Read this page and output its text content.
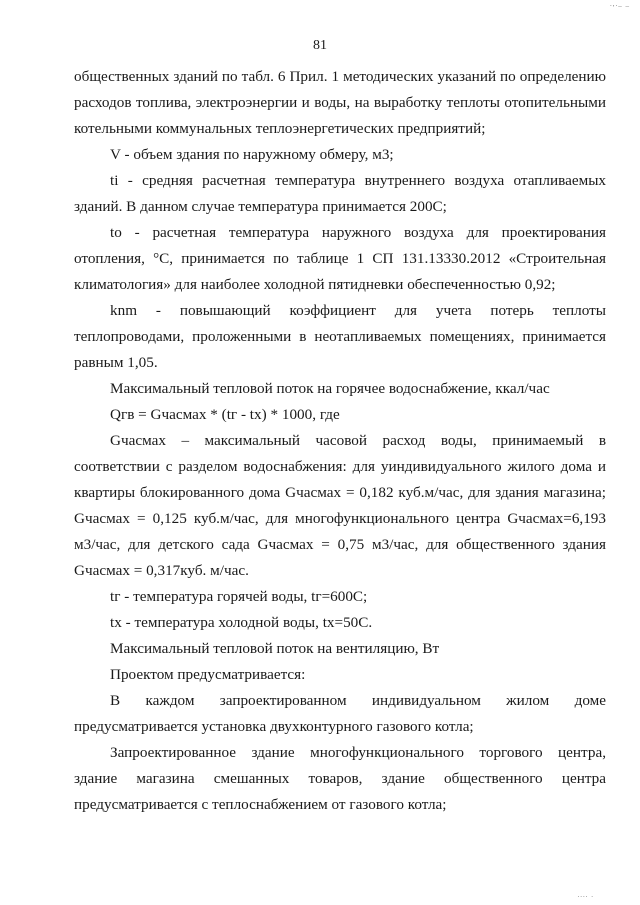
.,._ _
81

общественных зданий по табл. 6 Прил. 1 методических указаний по определению расходов топлива, электроэнергии и воды, на выработку теплоты отопительными котельными коммунальных теплоэнергетических предприятий;

V - объем здания по наружному обмеру, м3;

ti - средняя расчетная температура внутреннего воздуха отапливаемых зданий. В данном случае температура принимается 200С;

to - расчетная температура наружного воздуха для проектирования отопления, °С, принимается по таблице 1 СП 131.13330.2012 «Строительная климатология» для наиболее холодной пятидневки обеспеченностью 0,92;

knm - повышающий коэффициент для учета потерь теплоты теплопроводами, проложенными в неотапливаемых помещениях, принимается равным 1,05.

Максимальный тепловой поток на горячее водоснабжение, ккал/час

Qгв = Gчасмах * (tг - tх) * 1000, где

Gчасмах – максимальный часовой расход воды, принимаемый в соответствии с разделом водоснабжения: для уиндивидуального жилого дома и квартиры блокированного дома Gчасмах = 0,182 куб.м/час, для здания магазина; Gчасмах = 0,125 куб.м/час, для многофункционального центра Gчасмах=6,193 м3/час, для детского сада Gчасмах = 0,75 м3/час, для общественного здания Gчасмах = 0,317куб. м/час.

tг - температура горячей воды, tг=600С;

tх - температура холодной воды, tх=50С.

Максимальный тепловой поток на вентиляцию, Вт

Проектом предусматривается:

В каждом запроектированном индивидуальном жилом доме предусматривается установка двухконтурного газового котла;

Запроектированное здание многофункционального торгового центра, здание магазина смешанных товаров, здание общественного центра предусматривается с теплоснабжением от газового котла;

.... .
